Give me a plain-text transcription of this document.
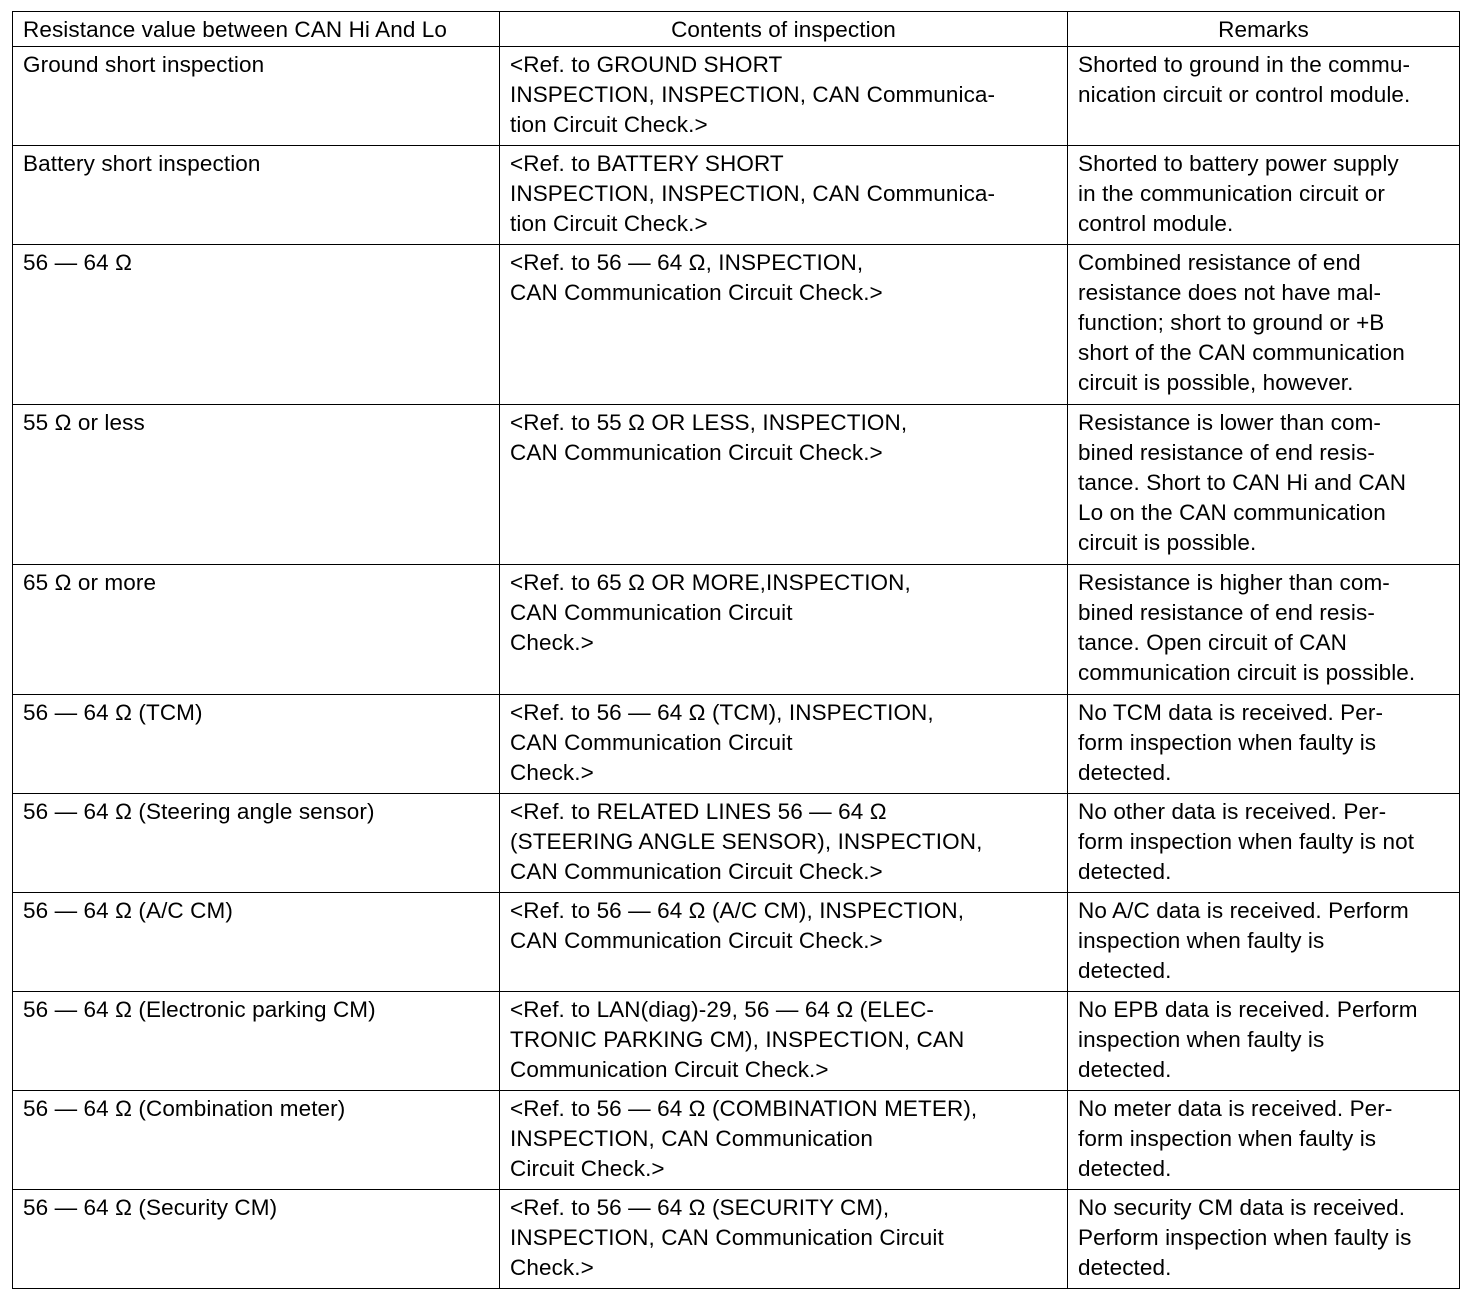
Resistance value between CAN Hi And Lo	Contents of inspection	Remarks

Ground short inspection	<Ref. to GROUND SHORT
INSPECTION, INSPECTION, CAN Communica-
tion Circuit Check.>	Shorted to ground in the commu-
nication circuit or control module.

Battery short inspection	<Ref. to BATTERY SHORT
INSPECTION, INSPECTION, CAN Communica-
tion Circuit Check.>	Shorted to battery power supply
in the communication circuit or
control module.

56 — 64 Ω	<Ref. to 56 — 64 Ω, INSPECTION,
CAN Communication Circuit Check.>	Combined resistance of end
resistance does not have mal-
function; short to ground or +B
short of the CAN communication
circuit is possible, however.

55 Ω or less	<Ref. to 55 Ω OR LESS, INSPECTION,
CAN Communication Circuit Check.>	Resistance is lower than com-
bined resistance of end resis-
tance. Short to CAN Hi and CAN
Lo on the CAN communication
circuit is possible.

65 Ω or more	<Ref. to 65 Ω OR MORE,INSPECTION,
CAN Communication Circuit
Check.>	Resistance is higher than com-
bined resistance of end resis-
tance. Open circuit of CAN
communication circuit is possible.

56 — 64 Ω (TCM)	<Ref. to 56 — 64 Ω (TCM), INSPECTION,
CAN Communication Circuit
Check.>	No TCM data is received. Per-
form inspection when faulty is
detected.

56 — 64 Ω (Steering angle sensor)	<Ref. to RELATED LINES 56 — 64 Ω
(STEERING ANGLE SENSOR), INSPECTION,
CAN Communication Circuit Check.>	No other data is received. Per-
form inspection when faulty is not
detected.

56 — 64 Ω (A/C CM)	<Ref. to 56 — 64 Ω (A/C CM), INSPECTION,
CAN Communication Circuit Check.>	No A/C data is received. Perform
inspection when faulty is
detected.

56 — 64 Ω (Electronic parking CM)	<Ref. to LAN(diag)-29, 56 — 64 Ω (ELEC-
TRONIC PARKING CM), INSPECTION, CAN
Communication Circuit Check.>	No EPB data is received. Perform
inspection when faulty is
detected.

56 — 64 Ω (Combination meter)	<Ref. to 56 — 64 Ω (COMBINATION METER),
INSPECTION, CAN Communication
Circuit Check.>	No meter data is received. Per-
form inspection when faulty is
detected.

56 — 64 Ω (Security CM)	<Ref. to 56 — 64 Ω (SECURITY CM),
INSPECTION, CAN Communication Circuit
Check.>	No security CM data is received.
Perform inspection when faulty is
detected.
